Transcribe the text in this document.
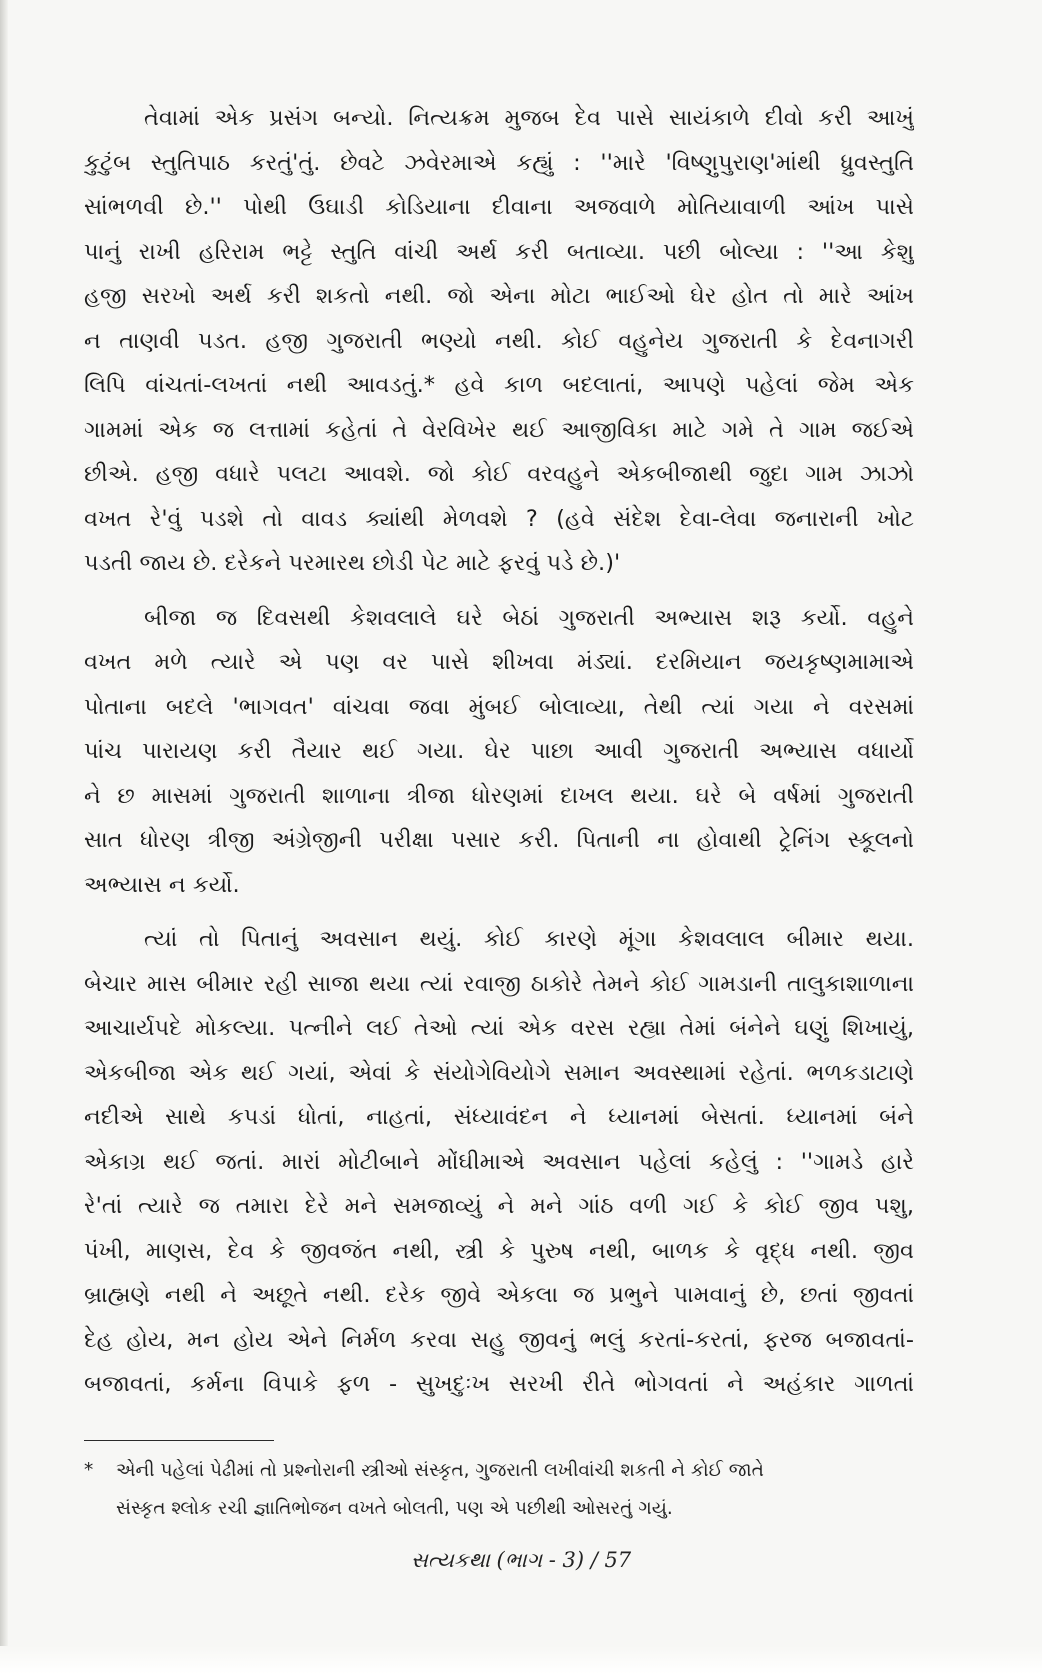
તેવામાં એક પ્રસંગ બન્યો. નિત્યક્રમ મુજબ દેવ પાસે સાયંકાળે દીવો કરી આખું
કુટુંબ સ્તુતિપાઠ કરતું'તું. છેવટે ઝવેરમાએ કહ્યું : ''મારે 'વિષ્ણુપુરાણ'માંથી ધ્રુવસ્તુતિ
સાંભળવી છે.'' પોથી ઉઘાડી કોડિયાના દીવાના અજવાળે મોતિયાવાળી આંખ પાસે
પાનું રાખી હરિરામ ભટ્ટે સ્તુતિ વાંચી અર્થ કરી બતાવ્યા. પછી બોલ્યા : ''આ કેશુ
હજી સરખો અર્થ કરી શકતો નથી. જો એના મોટા ભાઈઓ ઘેર હોત તો મારે આંખ
ન તાણવી પડત. હજી ગુજરાતી ભણ્યો નથી. કોઈ વહુનેય ગુજરાતી કે દેવનાગરી
લિપિ વાંચતાં-લખતાં નથી આવડતું.* હવે કાળ બદલાતાં, આપણે પહેલાં જેમ એક
ગામમાં એક જ લત્તામાં કહેતાં તે વેરવિખેર થઈ આજીવિકા માટે ગમે તે ગામ જઈએ
છીએ. હજી વધારે પલટા આવશે. જો કોઈ વરવહુને એકબીજાથી જુદા ગામ ઝાઝો
વખત રે'વું પડશે તો વાવડ ક્યાંથી મેળવશે ? (હવે સંદેશ દેવા-લેવા જનારાની ખોટ
પડતી જાય છે. દરેકને પરમારથ છોડી પેટ માટે ફરવું પડે છે.)'
બીજા જ દિવસથી કેશવલાલે ઘરે બેઠાં ગુજરાતી અભ્યાસ શરૂ કર્યો. વહુને
વખત મળે ત્યારે એ પણ વર પાસે શીખવા મંડ્યાં. દરમિયાન જયકૃષ્ણમામાએ
પોતાના બદલે 'ભાગવત' વાંચવા જવા મુંબઈ બોલાવ્યા, તેથી ત્યાં ગયા ને વરસમાં
પાંચ પારાયણ કરી તૈયાર થઈ ગયા. ઘેર પાછા આવી ગુજરાતી અભ્યાસ વધાર્યો
ને છ માસમાં ગુજરાતી શાળાના ત્રીજા ધોરણમાં દાખલ થયા. ઘરે બે વર્ષમાં ગુજરાતી
સાત ધોરણ ત્રીજી અંગ્રેજીની પરીક્ષા પસાર કરી. પિતાની ના હોવાથી ટ્રેનિંગ સ્કૂલનો
અભ્યાસ ન કર્યો.
ત્યાં તો પિતાનું અવસાન થયું. કોઈ કારણે મૂંગા કેશવલાલ બીમાર થયા.
બેચાર માસ બીમાર રહી સાજા થયા ત્યાં રવાજી ઠાકોરે તેમને કોઈ ગામડાની તાલુકાશાળાના
આચાર્યપદે મોકલ્યા. પત્નીને લઈ તેઓ ત્યાં એક વરસ રહ્યા તેમાં બંનેને ઘણું શિખાયું,
એકબીજા એક થઈ ગયાં, એવાં કે સંયોગેવિયોગે સમાન અવસ્થામાં રહેતાં. ભળકડાટાણે
નદીએ સાથે કપડાં ધોતાં, નાહતાં, સંધ્યાવંદન ને ધ્યાનમાં બેસતાં. ધ્યાનમાં બંને
એકાગ્ર થઈ જતાં. મારાં મોટીબાને મોંઘીમાએ અવસાન પહેલાં કહેલું : ''ગામડે હારે
રે'તાં ત્યારે જ તમારા દેરે મને સમજાવ્યું ને મને ગાંઠ વળી ગઈ કે કોઈ જીવ પશુ,
પંખી, માણસ, દેવ કે જીવજંત નથી, સ્ત્રી કે પુરુષ નથી, બાળક કે વૃદ્ધ નથી. જીવ
બ્રાહ્મણે નથી ને અછૂતે નથી. દરેક જીવે એકલા જ પ્રભુને પામવાનું છે, છતાં જીવતાં
દેહ હોય, મન હોય એને નિર્મળ કરવા સહુ જીવનું ભલું કરતાં-કરતાં, ફરજ બજાવતાં-
બજાવતાં, કર્મના વિપાકે ફળ - સુખદુઃખ સરખી રીતે ભોગવતાં ને અહંકાર ગાળતાં
* એની પહેલાં પેઢીમાં તો પ્રશ્નોરાની સ્ત્રીઓ સંસ્કૃત, ગુજરાતી લખીવાંચી શકતી ને કોઈ જાતે
સંસ્કૃત શ્લોક રચી જ્ઞાતિભોજન વખતે બોલતી, પણ એ પછીથી ઓસરતું ગયું.
સત્યકથા (ભાગ - 3) / 57
